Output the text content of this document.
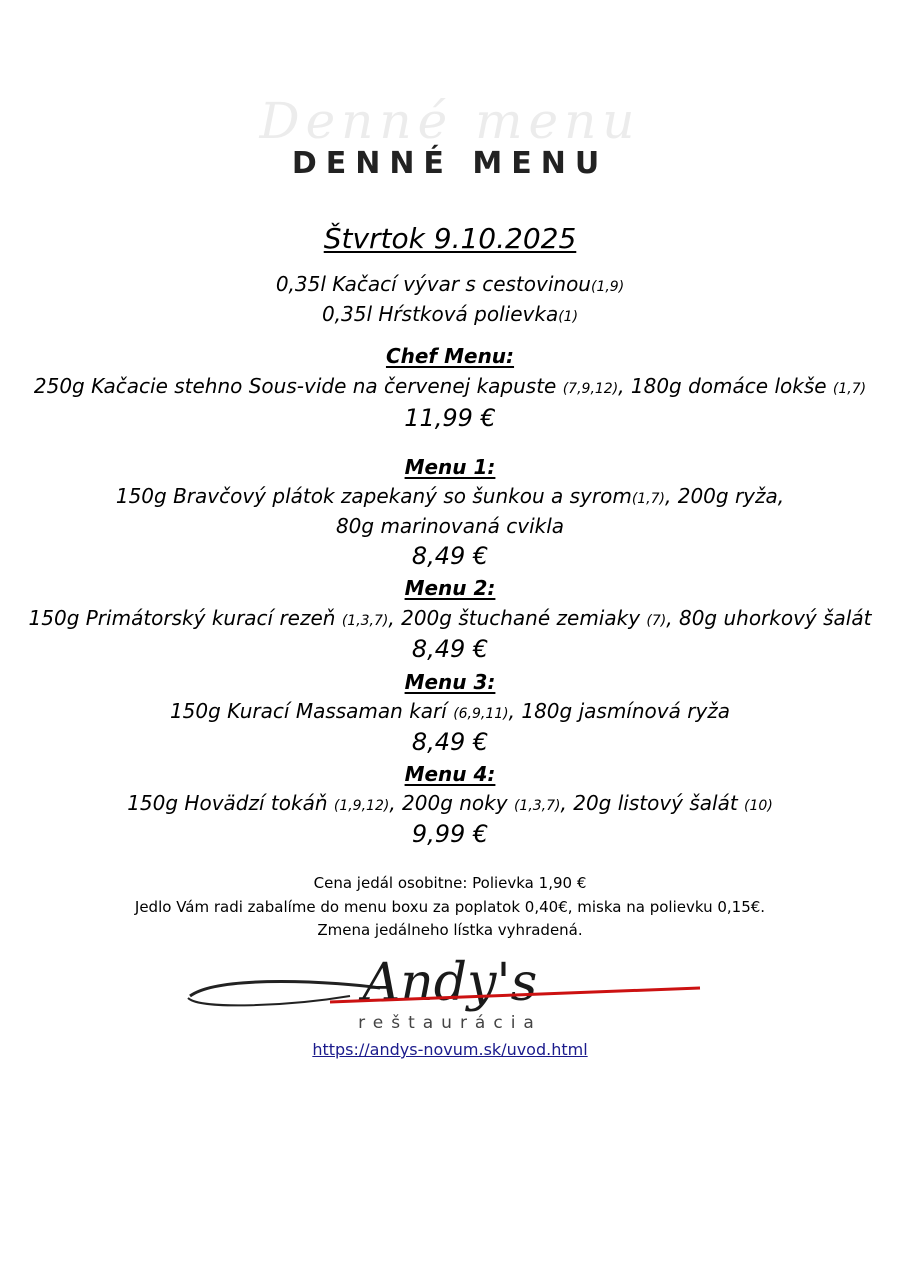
Denné menu
DENNÉ MENU
Štvrtok 9.10.2025
0,35l Kačací vývar s cestovinou(1,9)
0,35l Hŕstková polievka(1)
Chef Menu:
250g Kačacie stehno Sous-vide na červenej kapuste (7,9,12), 180g domáce lokše (1,7)
11,99 €
Menu 1:
150g Bravčový plátok zapekaný so šunkou a syrom(1,7), 200g ryža,
80g marinovaná cvikla
8,49 €
Menu 2:
150g Primátorský kurací rezeň (1,3,7), 200g štuchané zemiaky (7), 80g uhorkový šalát
8,49 €
Menu 3:
150g Kurací Massaman karí (6,9,11), 180g jasmínová ryža
8,49 €
Menu 4:
150g Hovädzí tokáň (1,9,12), 200g noky (1,3,7), 20g listový šalát (10)
9,99 €
Cena jedál osobitne: Polievka 1,90 €
Jedlo Vám radi zabalíme do menu boxu za poplatok 0,40€, miska na polievku 0,15€.
Zmena jedálneho lístka vyhradená.
Andy's
reštaurácia
https://andys-novum.sk/uvod.html
